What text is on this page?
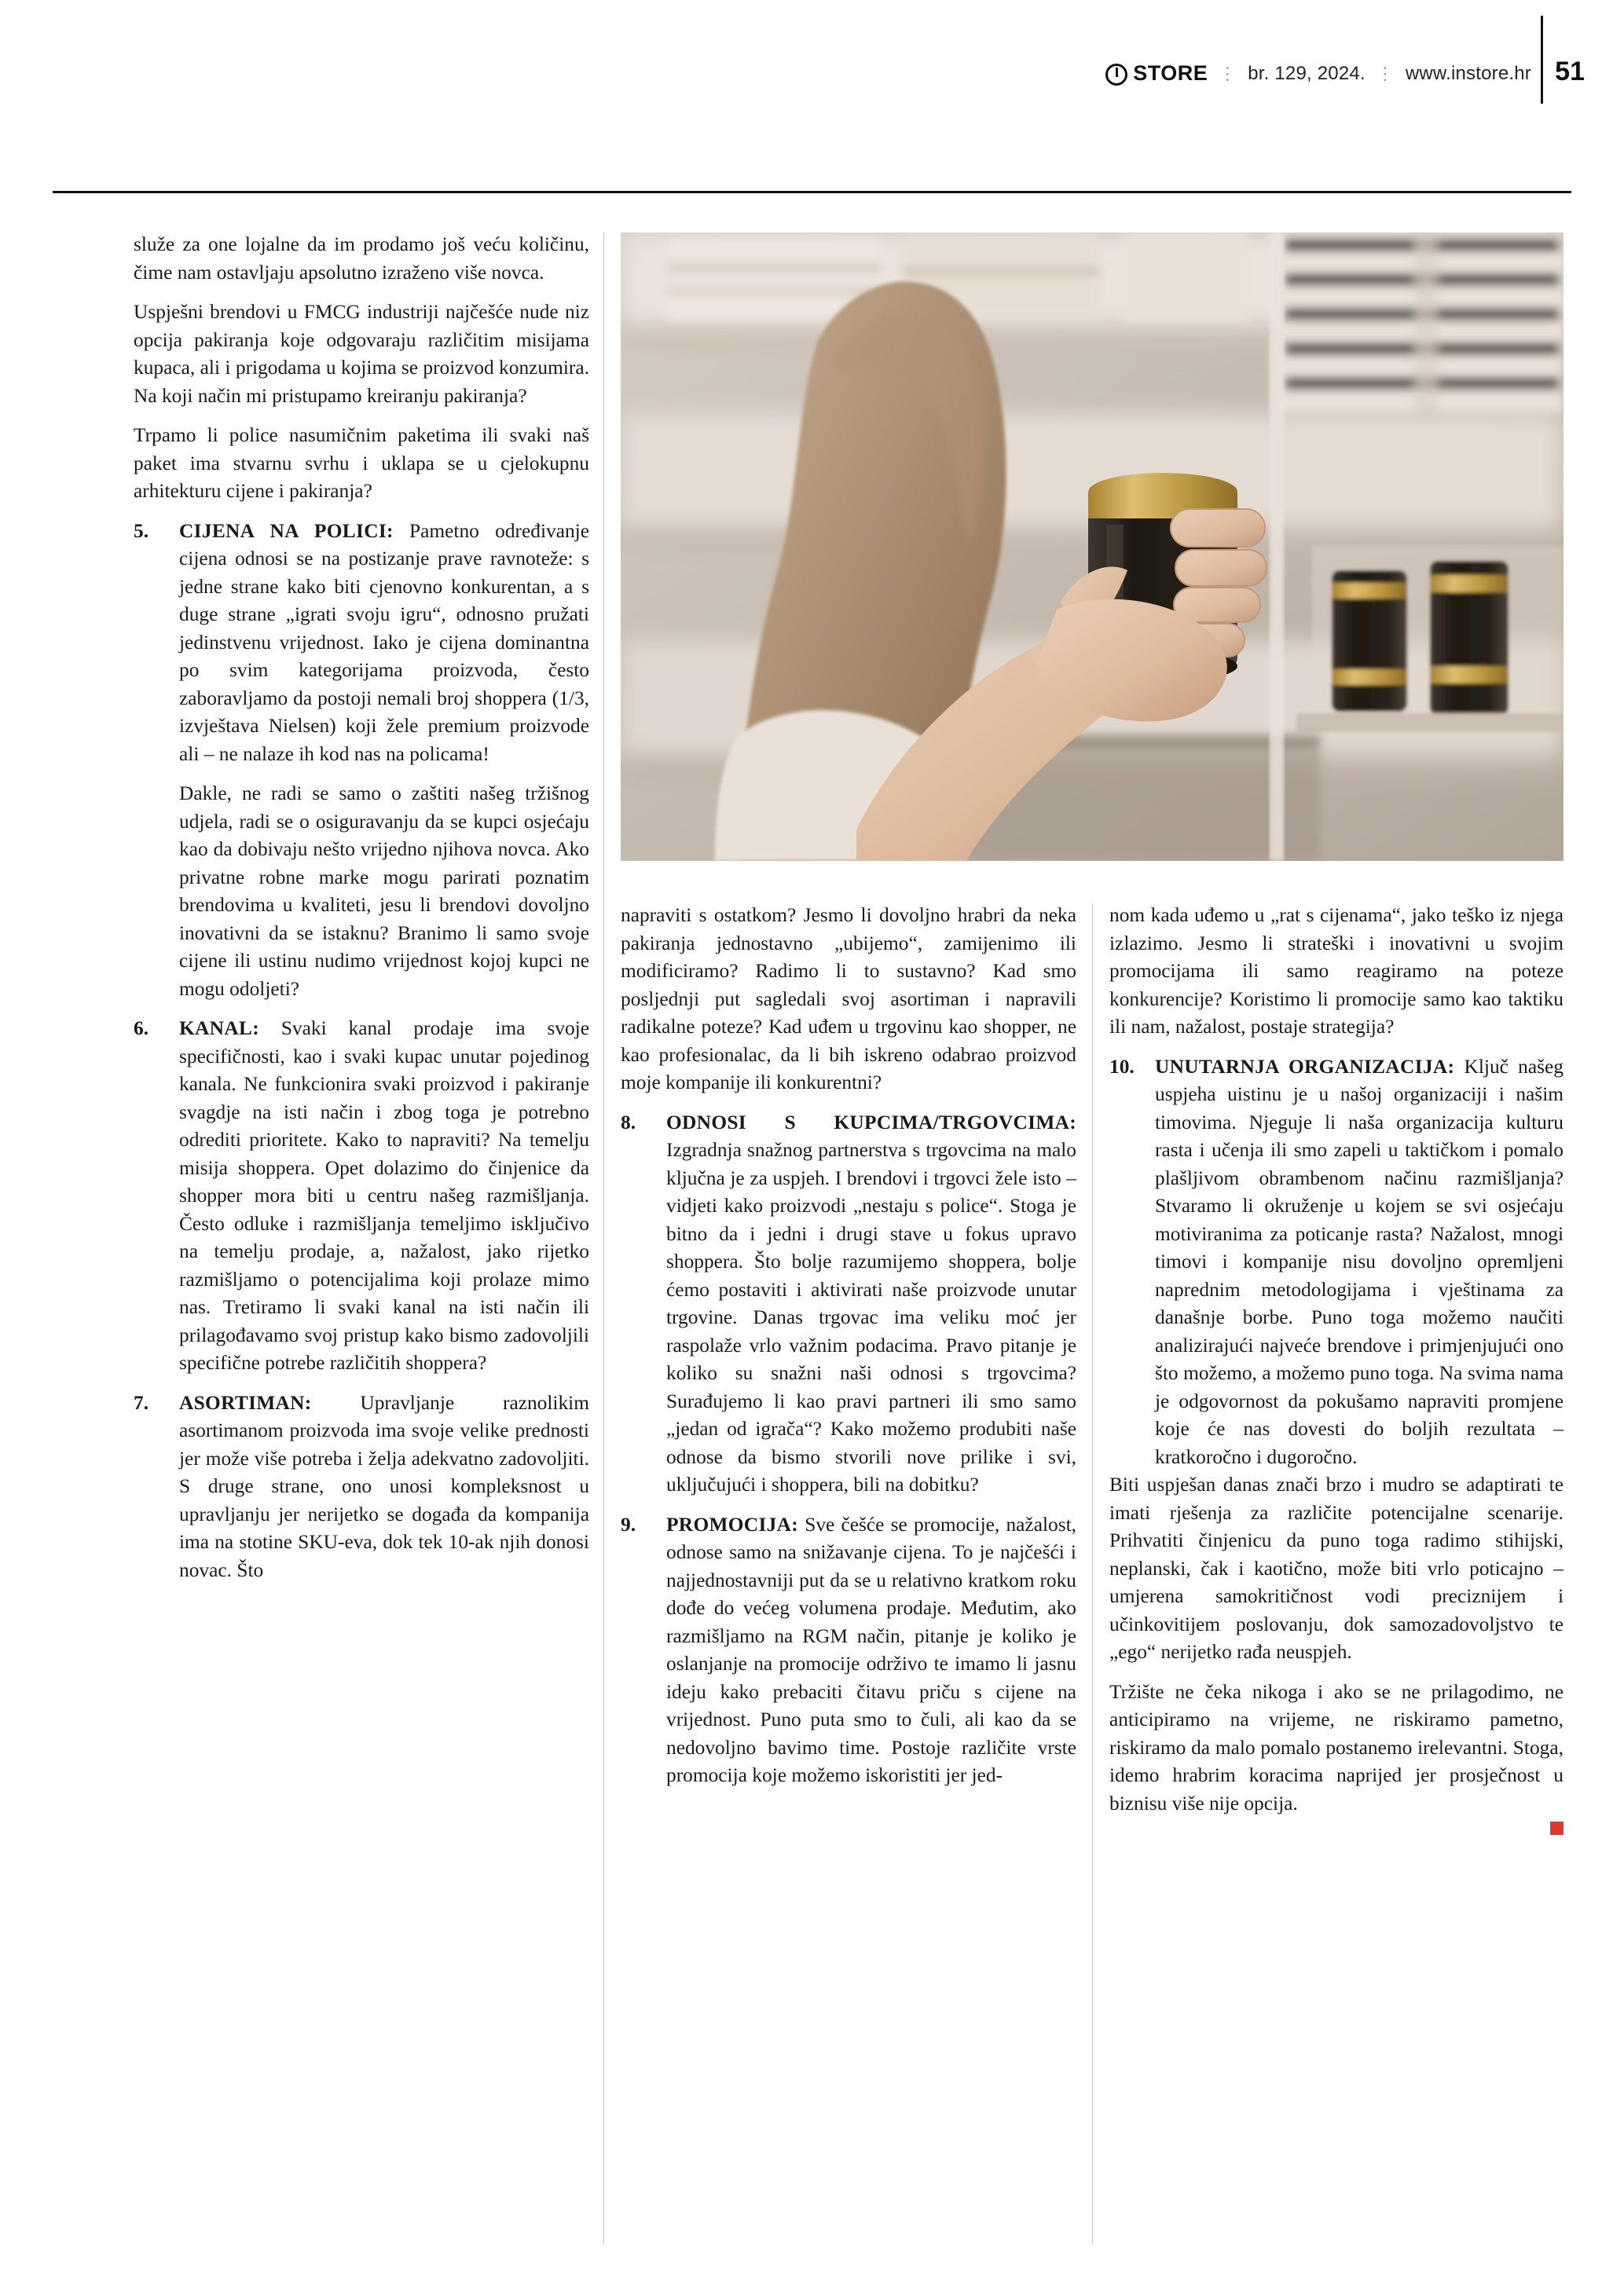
STORE ⋮ br. 129, 2024. ⋮ www.instore.hr 51

služe za one lojalne da im prodamo još veću količinu, čime nam ostavljaju apsolutno izraženo više novca.

Uspješni brendovi u FMCG industriji najčešće nude niz opcija pakiranja koje odgovaraju različitim misijama kupaca, ali i prigodama u kojima se proizvod konzumira. Na koji način mi pristupamo kreiranju pakiranja?

Trpamo li police nasumičnim paketima ili svaki naš paket ima stvarnu svrhu i uklapa se u cjelokupnu arhitekturu cijene i pakiranja?

5. CIJENA NA POLICI: Pametno određivanje cijena odnosi se na postizanje prave ravnoteže: s jedne strane kako biti cjenovno konkurentan, a s duge strane „igrati svoju igru“, odnosno pružati jedinstvenu vrijednost. Iako je cijena dominantna po svim kategorijama proizvoda, često zaboravljamo da postoji nemali broj shoppera (1/3, izvještava Nielsen) koji žele premium proizvode ali – ne nalaze ih kod nas na policama!

Dakle, ne radi se samo o zaštiti našeg tržišnog udjela, radi se o osiguravanju da se kupci osjećaju kao da dobivaju nešto vrijedno njihova novca. Ako privatne robne marke mogu parirati poznatim brendovima u kvaliteti, jesu li brendovi dovoljno inovativni da se istaknu? Branimo li samo svoje cijene ili ustinu nudimo vrijednost kojoj kupci ne mogu odoljeti?

6. KANAL: Svaki kanal prodaje ima svoje specifičnosti, kao i svaki kupac unutar pojedinog kanala. Ne funkcionira svaki proizvod i pakiranje svagdje na isti način i zbog toga je potrebno odrediti prioritete. Kako to napraviti? Na temelju misija shoppera. Opet dolazimo do činjenice da shopper mora biti u centru našeg razmišljanja. Često odluke i razmišljanja temeljimo isključivo na temelju prodaje, a, nažalost, jako rijetko razmišljamo o potencijalima koji prolaze mimo nas. Tretiramo li svaki kanal na isti način ili prilagođavamo svoj pristup kako bismo zadovoljili specifične potrebe različitih shoppera?

7. ASORTIMAN: Upravljanje raznolikim asortimanom proizvoda ima svoje velike prednosti jer može više potreba i želja adekvatno zadovoljiti. S druge strane, ono unosi kompleksnost u upravljanju jer nerijetko se događa da kompanija ima na stotine SKU-eva, dok tek 10-ak njih donosi novac. Što

napraviti s ostatkom? Jesmo li dovoljno hrabri da neka pakiranja jednostavno „ubijemo“, zamijenimo ili modificiramo? Radimo li to sustavno? Kad smo posljednji put sagledali svoj asortiman i napravili radikalne poteze? Kad uđem u trgovinu kao shopper, ne kao profesionalac, da li bih iskreno odabrao proizvod moje kompanije ili konkurentni?

8. ODNOSI S KUPCIMA/TRGOVCIMA: Izgradnja snažnog partnerstva s trgovcima na malo ključna je za uspjeh. I brendovi i trgovci žele isto – vidjeti kako proizvodi „nestaju s police“. Stoga je bitno da i jedni i drugi stave u fokus upravo shoppera. Što bolje razumijemo shoppera, bolje ćemo postaviti i aktivirati naše proizvode unutar trgovine. Danas trgovac ima veliku moć jer raspolaže vrlo važnim podacima. Pravo pitanje je koliko su snažni naši odnosi s trgovcima? Surađujemo li kao pravi partneri ili smo samo „jedan od igrača“? Kako možemo produbiti naše odnose da bismo stvorili nove prilike i svi, uključujući i shoppera, bili na dobitku?

9. PROMOCIJA: Sve češće se promocije, nažalost, odnose samo na snižavanje cijena. To je najčešći i najjednostavniji put da se u relativno kratkom roku dođe do većeg volumena prodaje. Međutim, ako razmišljamo na RGM način, pitanje je koliko je oslanjanje na promocije održivo te imamo li jasnu ideju kako prebaciti čitavu priču s cijene na vrijednost. Puno puta smo to čuli, ali kao da se nedovoljno bavimo time. Postoje različite vrste promocija koje možemo iskoristiti jer jed-

nom kada uđemo u „rat s cijenama“, jako teško iz njega izlazimo. Jesmo li strateški i inovativni u svojim promocijama ili samo reagiramo na poteze konkurencije? Koristimo li promocije samo kao taktiku ili nam, nažalost, postaje strategija?

10. UNUTARNJA ORGANIZACIJA: Ključ našeg uspjeha uistinu je u našoj organizaciji i našim timovima. Njeguje li naša organizacija kulturu rasta i učenja ili smo zapeli u taktičkom i pomalo plašljivom obrambenom načinu razmišljanja? Stvaramo li okruženje u kojem se svi osjećaju motiviranima za poticanje rasta? Nažalost, mnogi timovi i kompanije nisu dovoljno opremljeni naprednim metodologijama i vještinama za današnje borbe. Puno toga možemo naučiti analizirajući najveće brendove i primjenjujući ono što možemo, a možemo puno toga. Na svima nama je odgovornost da pokušamo napraviti promjene koje će nas dovesti do boljih rezultata – kratkoročno i dugoročno.

Biti uspješan danas znači brzo i mudro se adaptirati te imati rješenja za različite potencijalne scenarije. Prihvatiti činjenicu da puno toga radimo stihijski, neplanski, čak i kaotično, može biti vrlo poticajno – umjerena samokritičnost vodi preciznijem i učinkovitijem poslovanju, dok samozadovoljstvo te „ego“ nerijetko rađa neuspjeh.

Tržište ne čeka nikoga i ako se ne prilagodimo, ne anticipiramo na vrijeme, ne riskiramo pametno, riskiramo da malo pomalo postanemo irelevantni. Stoga, idemo hrabrim koracima naprijed jer prosječnost u biznisu više nije opcija.
